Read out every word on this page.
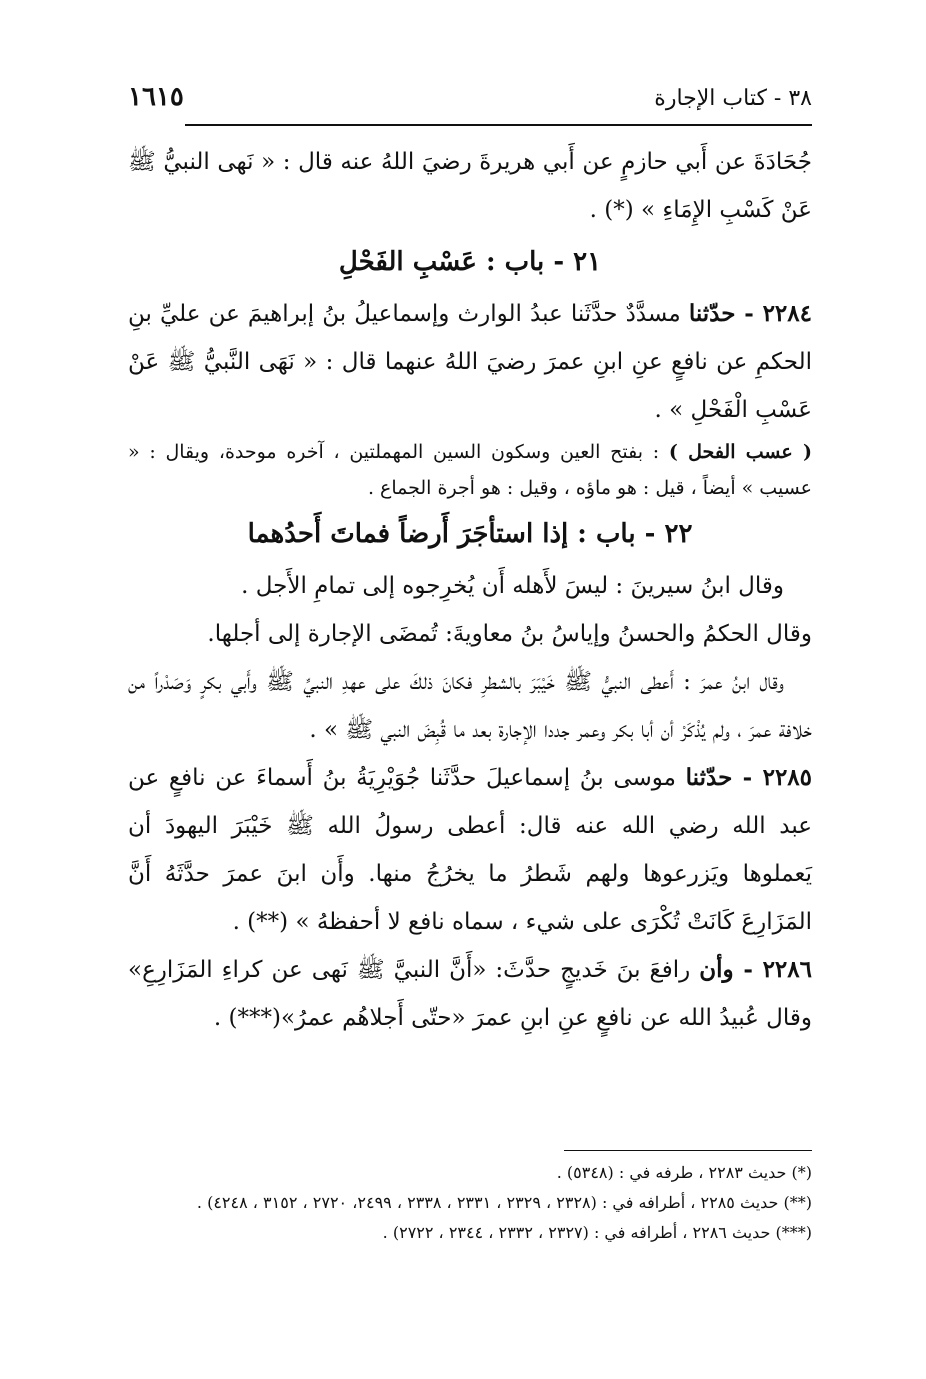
٣٨ - كتاب الإجارة
١٦١٥

جُحَادَةَ عن أَبي حازمٍ عن أَبي هريرةَ رضيَ اللهُ عنه قال : « نَهى النبيُّ ﷺ عَنْ كَسْبِ الإِمَاءِ » (*) .

٢١ - باب : عَسْبِ الفَحْلِ

٢٢٨٤ - حدّثنا مسدَّدٌ حدَّثَنا عبدُ الوارث وإسماعيلُ بنُ إبراهيمَ عن عليِّ بنِ الحكمِ عن نافعٍ عنِ ابنِ عمرَ رضيَ اللهُ عنهما قال : « نَهَى النَّبيُّ ﷺ عَنْ عَسْبِ الْفَحْلِ » .

( عسب الفحل ) : بفتح العين وسكون السين المهملتين ، آخره موحدة، ويقال : « عسيب » أيضاً ، قيل : هو ماؤه ، وقيل : هو أجرة الجماع .

٢٢ - باب : إذا استأجَرَ أَرضاً فماتَ أَحدُهما

وقال ابنُ سيرينَ : ليسَ لأَهله أَن يُخرِجوه إلى تمامِ الأَجل .

وقال الحكمُ والحسنُ وإياسُ بنُ معاويةَ: تُمضَى الإجارة إلى أجلها.

وقال ابنُ عمرَ : أَعطى النبيُّ ﷺ خَيْبَرَ بالشطرِ فكانَ ذلكَ على عهدِ النبيِّ ﷺ وأَبي بكرٍ وَصَدْراً من خلافة عمرَ ، ولم يُذْكَرْ أن أبا بكر وعمر جددا الإجارة بعد ما قُبِضَ النبي ﷺ » .

٢٢٨٥ - حدّثنا موسى بنُ إسماعيلَ حدَّثَنا جُوَيْرِيَةُ بنُ أَسماءَ عن نافعٍ عن عبد الله رضي الله عنه قال: أعطى رسولُ الله ﷺ خَيْبَرَ اليهودَ أن يَعملوها ويَزرعوها ولهم شَطرُ ما يخرُجُ منها. وأَن ابنَ عمرَ حدَّثَهُ أَنَّ المَزَارِعَ كَانَتْ تُكْرَى على شيء ، سماه نافع لا أحفظهُ » (**) .

٢٢٨٦ - وأن رافعَ بنَ خَديجٍ حدَّثَ: «أَنَّ النبيَّ ﷺ نَهى عن كراءِ المَزَارِعِ» وقال عُبيدُ الله عن نافعٍ عنِ ابنِ عمرَ «حتّى أَجلاهُم عمرُ»(***) .

(*) حديث ٢٢٨٣ ، طرفه في : (٥٣٤٨) .

(**) حديث ٢٢٨٥ ، أطرافه في : (٢٣٢٨ ، ٢٣٢٩ ، ٢٣٣١ ، ٢٣٣٨ ، ٢٤٩٩، ٢٧٢٠ ، ٣١٥٢ ، ٤٢٤٨) .

(***) حديث ٢٢٨٦ ، أطرافه في : (٢٣٢٧ ، ٢٣٣٢ ، ٢٣٤٤ ، ٢٧٢٢) .
